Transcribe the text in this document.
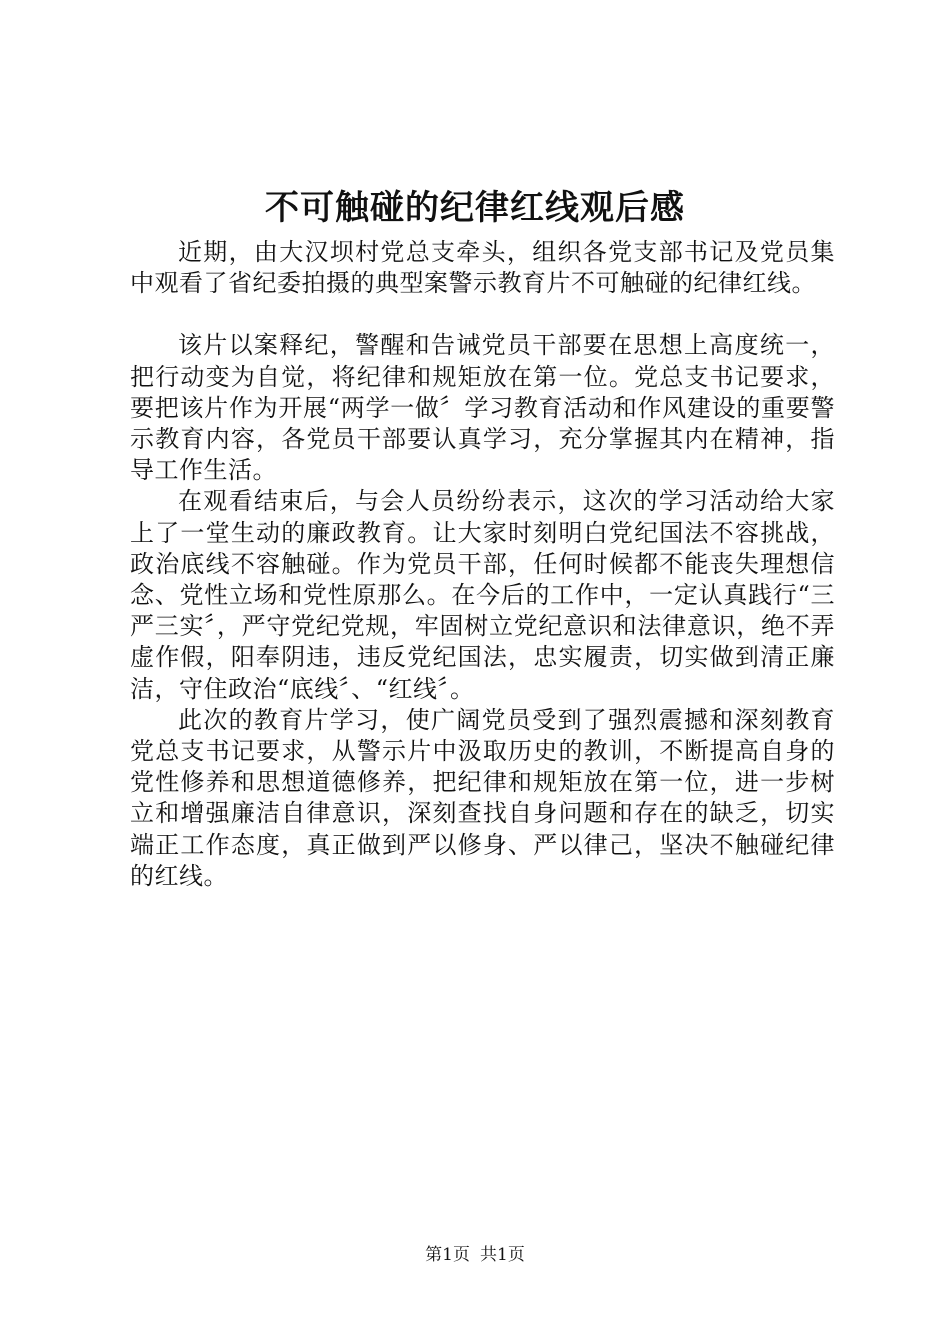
不可触碰的纪律红线观后感

近期，由大汉坝村党总支牵头，组织各党支部书记及党员集中观看了省纪委拍摄的典型案警示教育片不可触碰的纪律红线。

该片以案释纪，警醒和告诫党员干部要在思想上高度统一，把行动变为自觉，将纪律和规矩放在第一位。党总支书记要求，要把该片作为开展“两学一做〞学习教育活动和作风建设的重要警示教育内容，各党员干部要认真学习，充分掌握其内在精神，指导工作生活。

在观看结束后，与会人员纷纷表示，这次的学习活动给大家上了一堂生动的廉政教育。让大家时刻明白党纪国法不容挑战，政治底线不容触碰。作为党员干部，任何时候都不能丧失理想信念、党性立场和党性原那么。在今后的工作中，一定认真践行“三严三实〞，严守党纪党规，牢固树立党纪意识和法律意识，绝不弄虚作假，阳奉阴违，违反党纪国法，忠实履责，切实做到清正廉洁，守住政治“底线〞、“红线〞。

此次的教育片学习，使广阔党员受到了强烈震撼和深刻教育党总支书记要求，从警示片中汲取历史的教训，不断提高自身的党性修养和思想道德修养，把纪律和规矩放在第一位，进一步树立和增强廉洁自律意识，深刻查找自身问题和存在的缺乏，切实端正工作态度，真正做到严以修身、严以律己，坚决不触碰纪律的红线。

第1页 共1页
